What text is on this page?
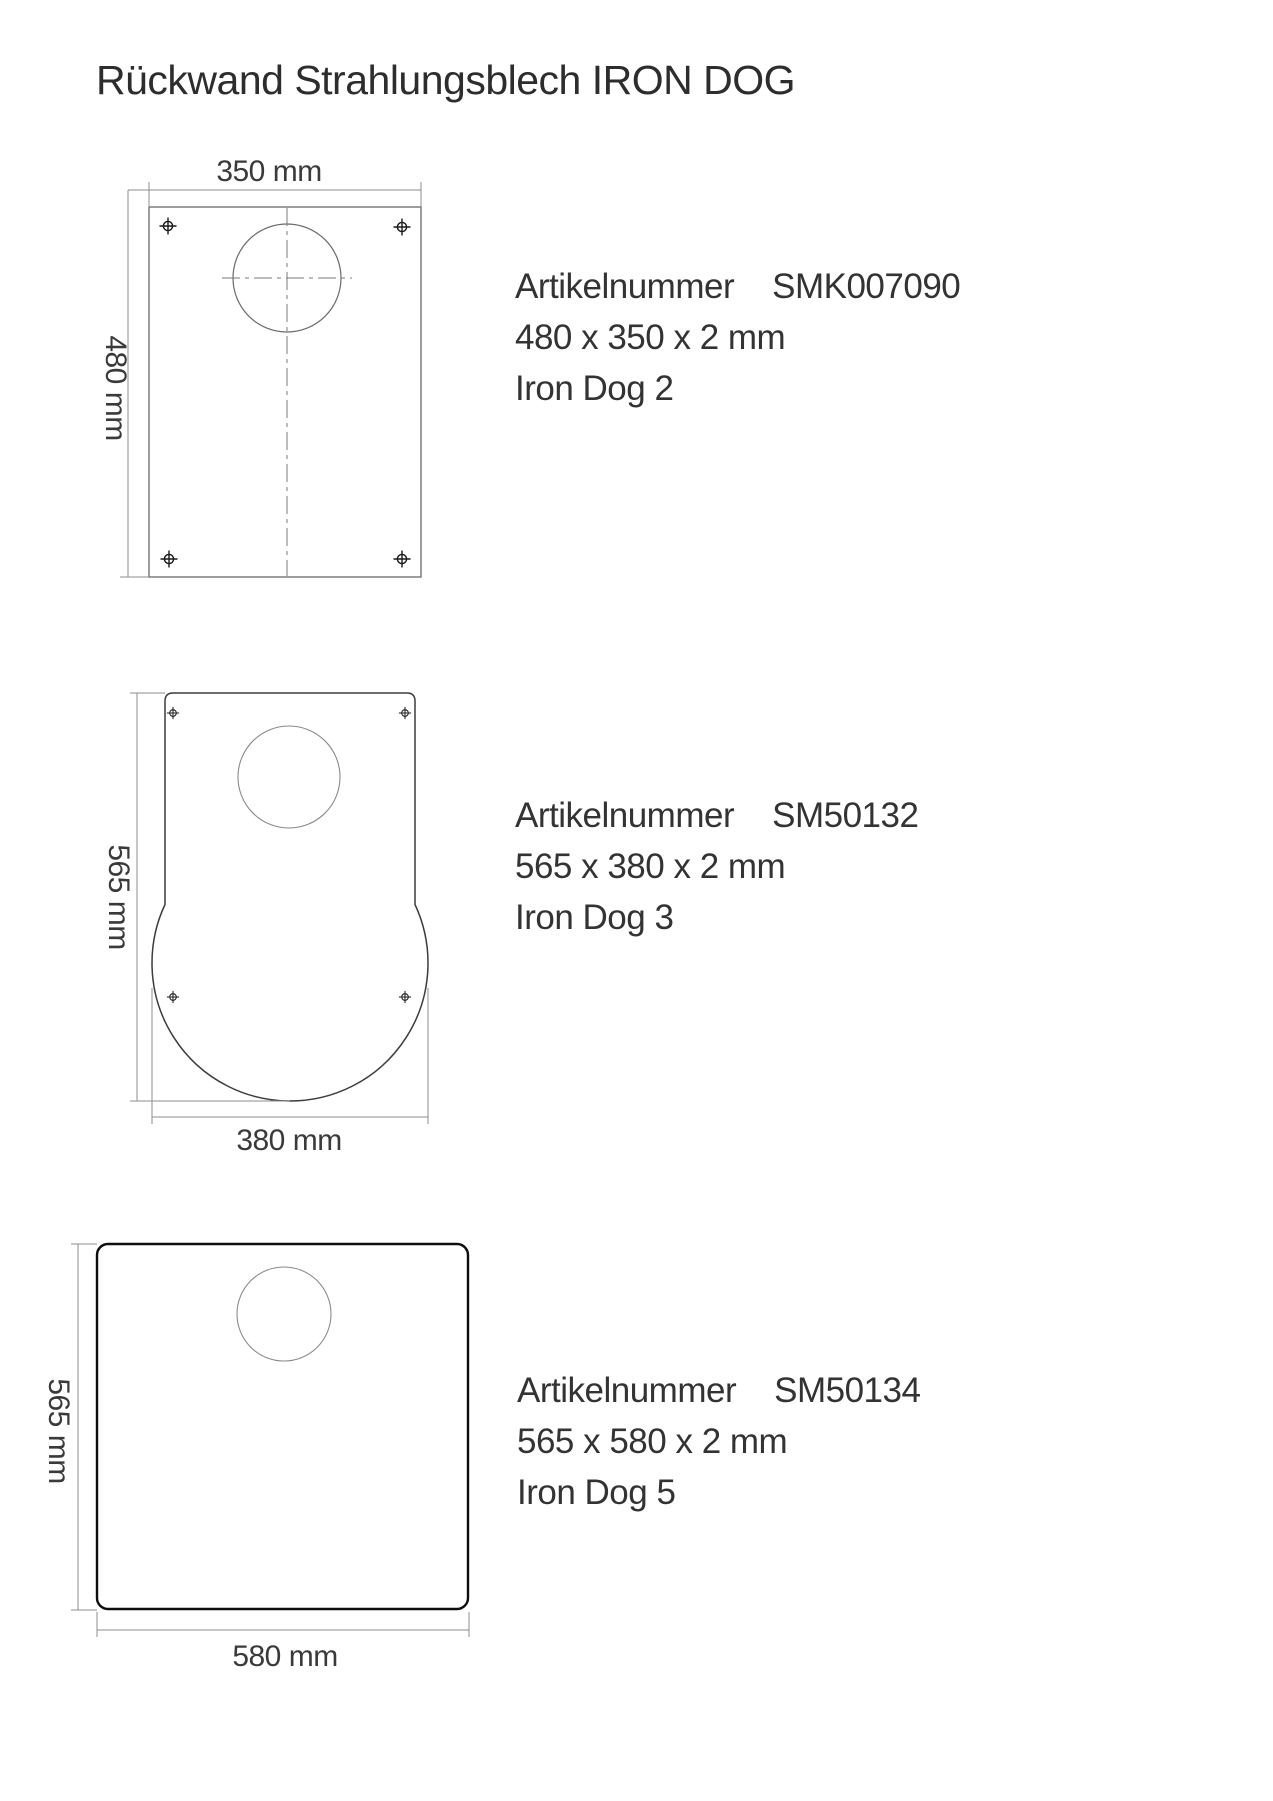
Rückwand Strahlungsblech IRON DOG
350 mm
480 mm
565 mm
380 mm
565 mm
580 mm
Artikelnummer SMK007090
480 x 350 x 2 mm
Iron Dog 2
Artikelnummer SM50132
565 x 380 x 2 mm
Iron Dog 3
Artikelnummer SM50134
565 x 580 x 2 mm
Iron Dog 5
